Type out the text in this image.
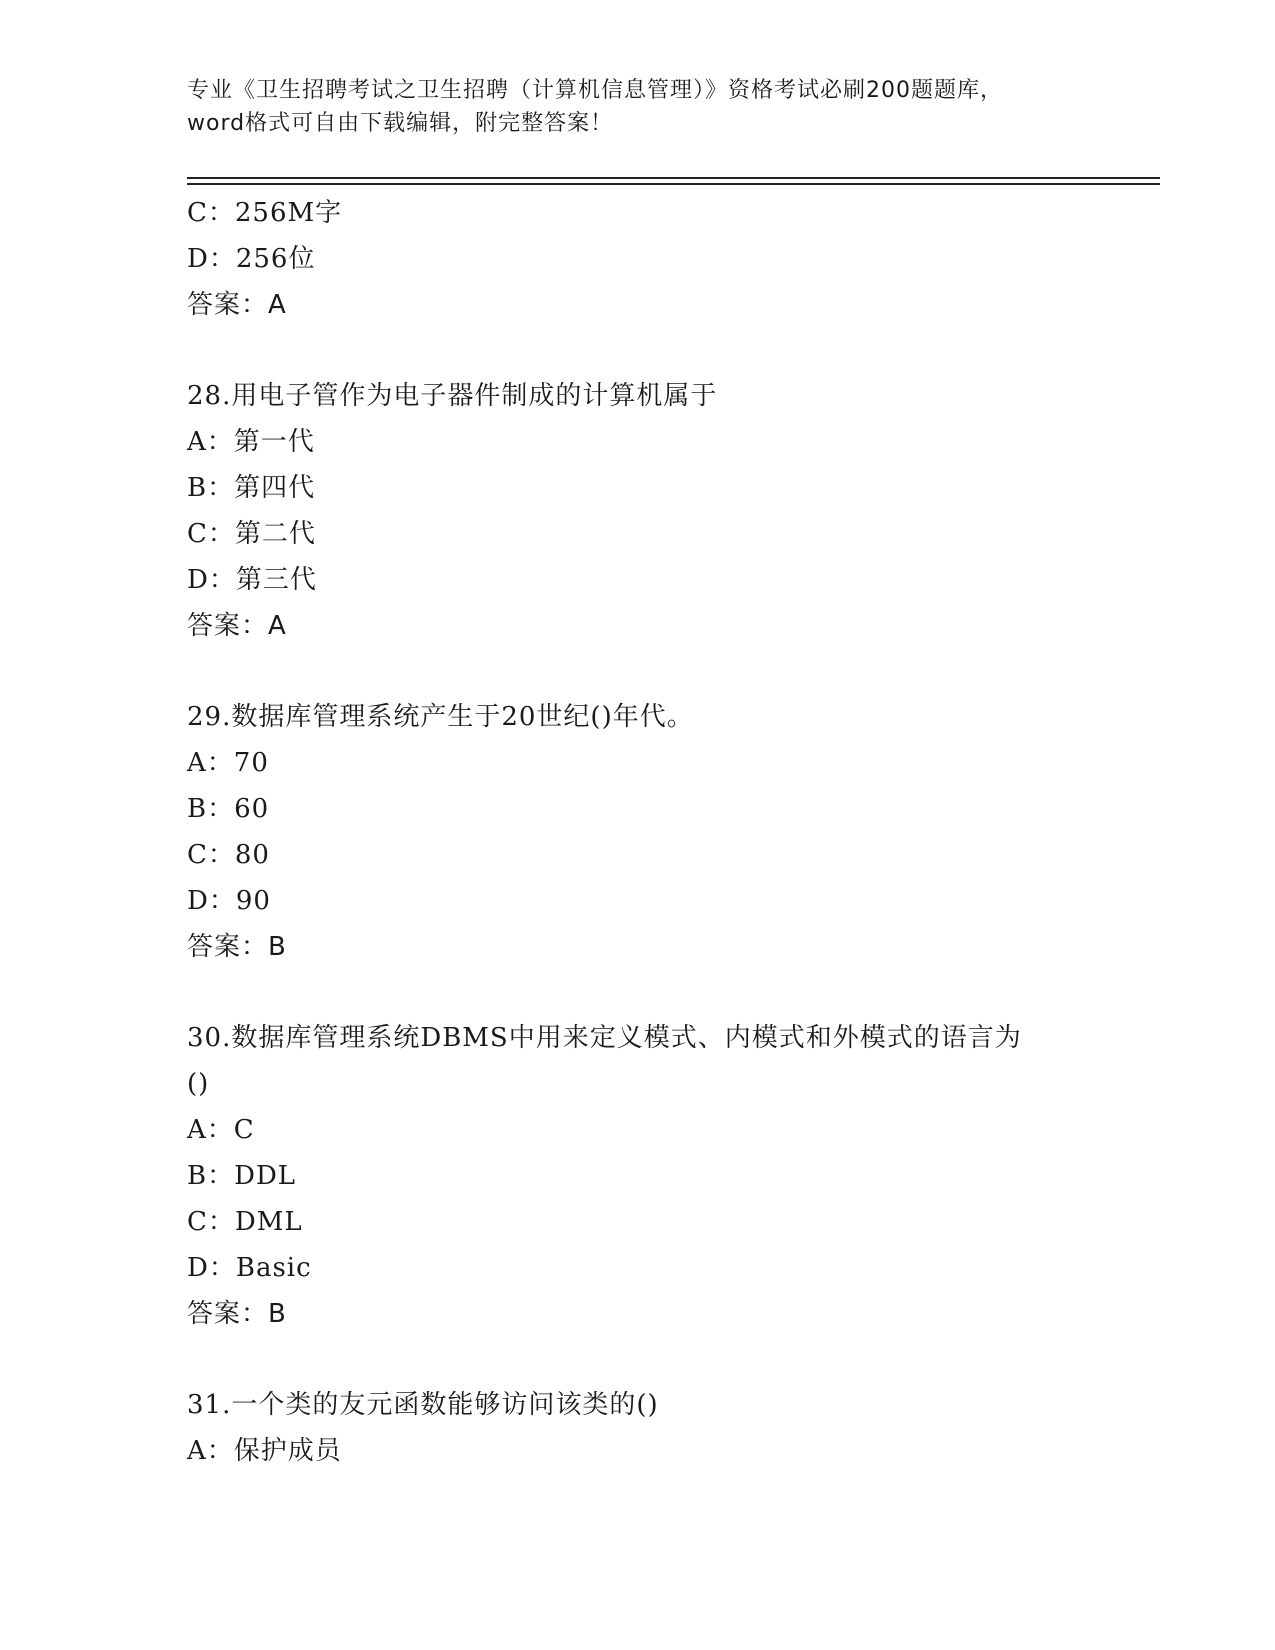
专业《卫生招聘考试之卫生招聘（计算机信息管理）》资格考试必刷200题题库，
word格式可自由下载编辑，附完整答案！
C：256M字
D：256位
答案：A
28.用电子管作为电子器件制成的计算机属于
A：第一代
B：第四代
C：第二代
D：第三代
答案：A
29.数据库管理系统产生于20世纪()年代。
A：70
B：60
C：80
D：90
答案：B
30.数据库管理系统DBMS中用来定义模式、内模式和外模式的语言为
()
A：C
B：DDL
C：DML
D：Basic
答案：B
31.一个类的友元函数能够访问该类的()
A：保护成员
